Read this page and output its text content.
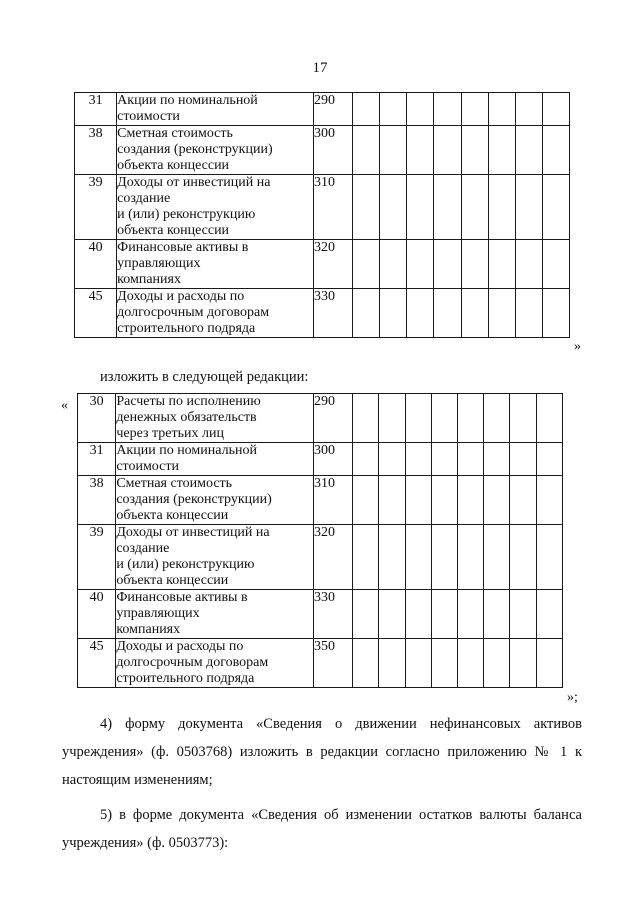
17
31	Акции по номинальной
стоимости	290								
38	Сметная стоимость
создания (реконструкции)
объекта концессии	300								
39	Доходы от инвестиций на
создание
и (или) реконструкцию
объекта концессии	310								
40	Финансовые активы в
управляющих
компаниях	320								
45	Доходы и расходы по
долгосрочным договорам
строительного подряда	330								
»
изложить в следующей редакции:
« 30	Расчеты по исполнению
денежных обязательств
через третьих лиц	290								
31	Акции по номинальной
стоимости	300								
38	Сметная стоимость
создания (реконструкции)
объекта концессии	310								
39	Доходы от инвестиций на
создание
и (или) реконструкцию
объекта концессии	320								
40	Финансовые активы в
управляющих
компаниях	330								
45	Доходы и расходы по
долгосрочным договорам
строительного подряда	350								
»;
4) форму документа «Сведения о движении нефинансовых активов
учреждения» (ф. 0503768) изложить в редакции согласно приложению № 1 к
настоящим изменениям;
5) в форме документа «Сведения об изменении остатков валюты баланса
учреждения» (ф. 0503773):
